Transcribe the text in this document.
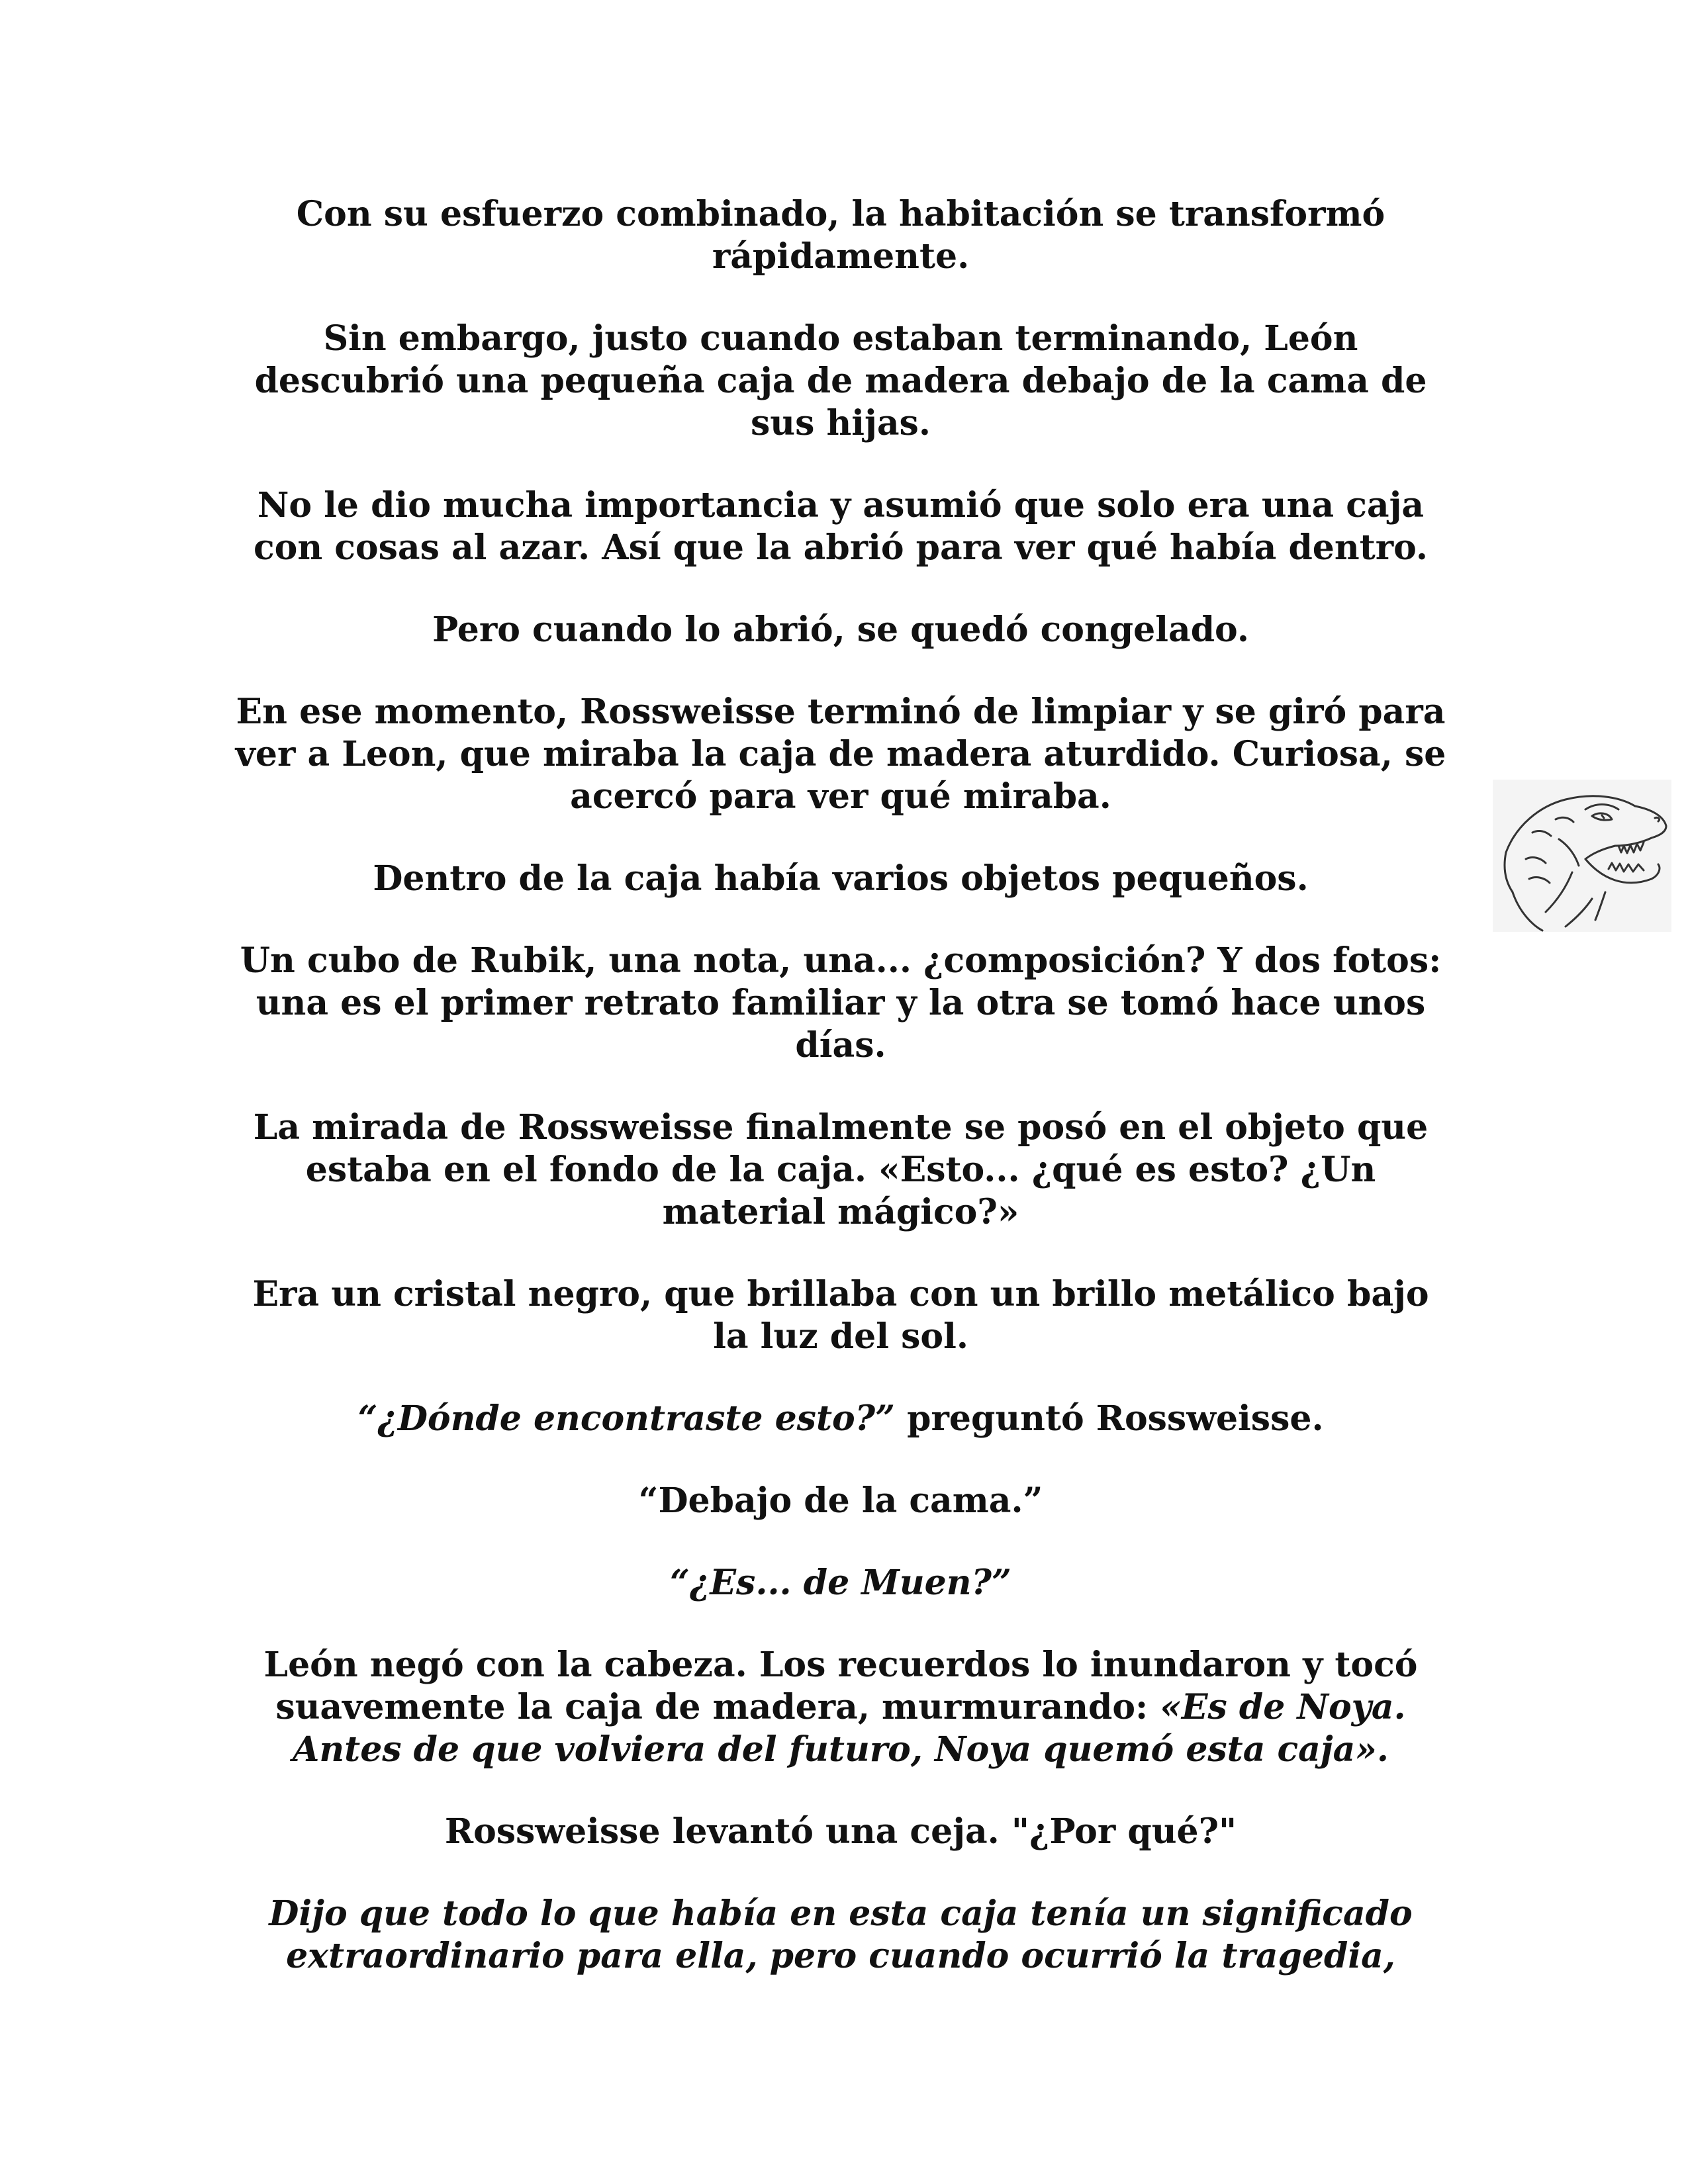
Con su esfuerzo combinado, la habitación se transformó
rápidamente.

Sin embargo, justo cuando estaban terminando, León
descubrió una pequeña caja de madera debajo de la cama de
sus hijas.

No le dio mucha importancia y asumió que solo era una caja
con cosas al azar. Así que la abrió para ver qué había dentro.

Pero cuando lo abrió, se quedó congelado.

En ese momento, Rossweisse terminó de limpiar y se giró para
ver a Leon, que miraba la caja de madera aturdido. Curiosa, se
acercó para ver qué miraba.

Dentro de la caja había varios objetos pequeños.

Un cubo de Rubik, una nota, una... ¿composición? Y dos fotos:
una es el primer retrato familiar y la otra se tomó hace unos
días.

La mirada de Rossweisse finalmente se posó en el objeto que
estaba en el fondo de la caja. «Esto... ¿qué es esto? ¿Un
material mágico?»

Era un cristal negro, que brillaba con un brillo metálico bajo
la luz del sol.

“¿Dónde encontraste esto?” preguntó Rossweisse.

“Debajo de la cama.”

“¿Es... de Muen?”

León negó con la cabeza. Los recuerdos lo inundaron y tocó
suavemente la caja de madera, murmurando: «Es de Noya.
Antes de que volviera del futuro, Noya quemó esta caja».

Rossweisse levantó una ceja. "¿Por qué?"

Dijo que todo lo que había en esta caja tenía un significado
extraordinario para ella, pero cuando ocurrió la tragedia,
